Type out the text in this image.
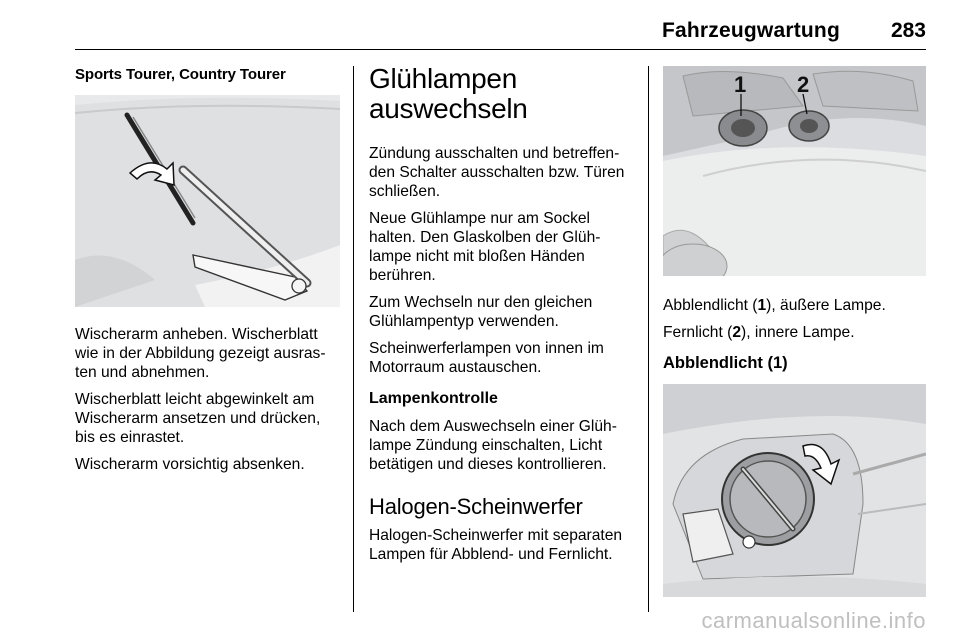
Fahrzeugwartung 283
Sports Tourer, Country Tourer

Wischerarm anheben. Wischerblatt wie in der Abbildung gezeigt ausras-ten und abnehmen.

Wischerblatt leicht abgewinkelt am Wischerarm ansetzen und drücken, bis es einrastet.

Wischerarm vorsichtig absenken.

Glühlampen auswechseln

Zündung ausschalten und betreffen-den Schalter ausschalten bzw. Türen schließen.

Neue Glühlampe nur am Sockel halten. Den Glaskolben der Glüh-lampe nicht mit bloßen Händen berühren.

Zum Wechseln nur den gleichen Glühlampentyp verwenden.

Scheinwerferlampen von innen im Motorraum austauschen.

Lampenkontrolle

Nach dem Auswechseln einer Glüh-lampe Zündung einschalten, Licht betätigen und dieses kontrollieren.

Halogen-Scheinwerfer

Halogen-Scheinwerfer mit separaten Lampen für Abblend- und Fernlicht.

1 2

Abblendlicht (1), äußere Lampe.

Fernlicht (2), innere Lampe.

Abblendlicht (1)
carmanualsonline.info
